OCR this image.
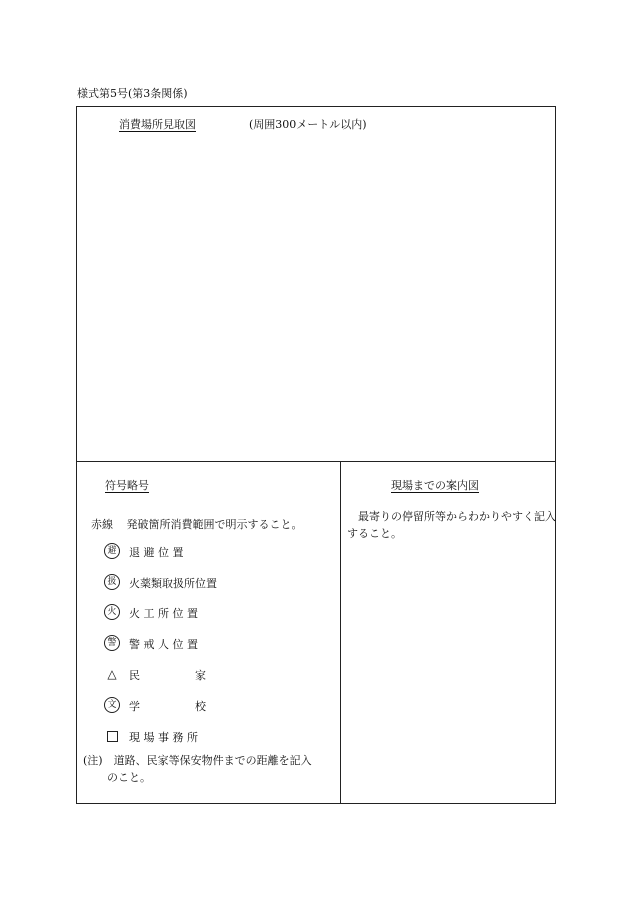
様式第5号(第3条関係)
消費場所見取図	(周囲300メートル以内)
符号略号
赤線 発破箇所消費範囲で明示すること。
避	退 避 位 置
扱	火薬類取扱所位置
火	火 工 所 位 置
警	警 戒 人 位 置
△ 民　　　　　家
文	学　　　　　校
現 場 事 務 所
(注)　道路、民家等保安物件までの距離を記入
のこと。
現場までの案内図
　最寄りの停留所等からわかりやすく記入すること。
